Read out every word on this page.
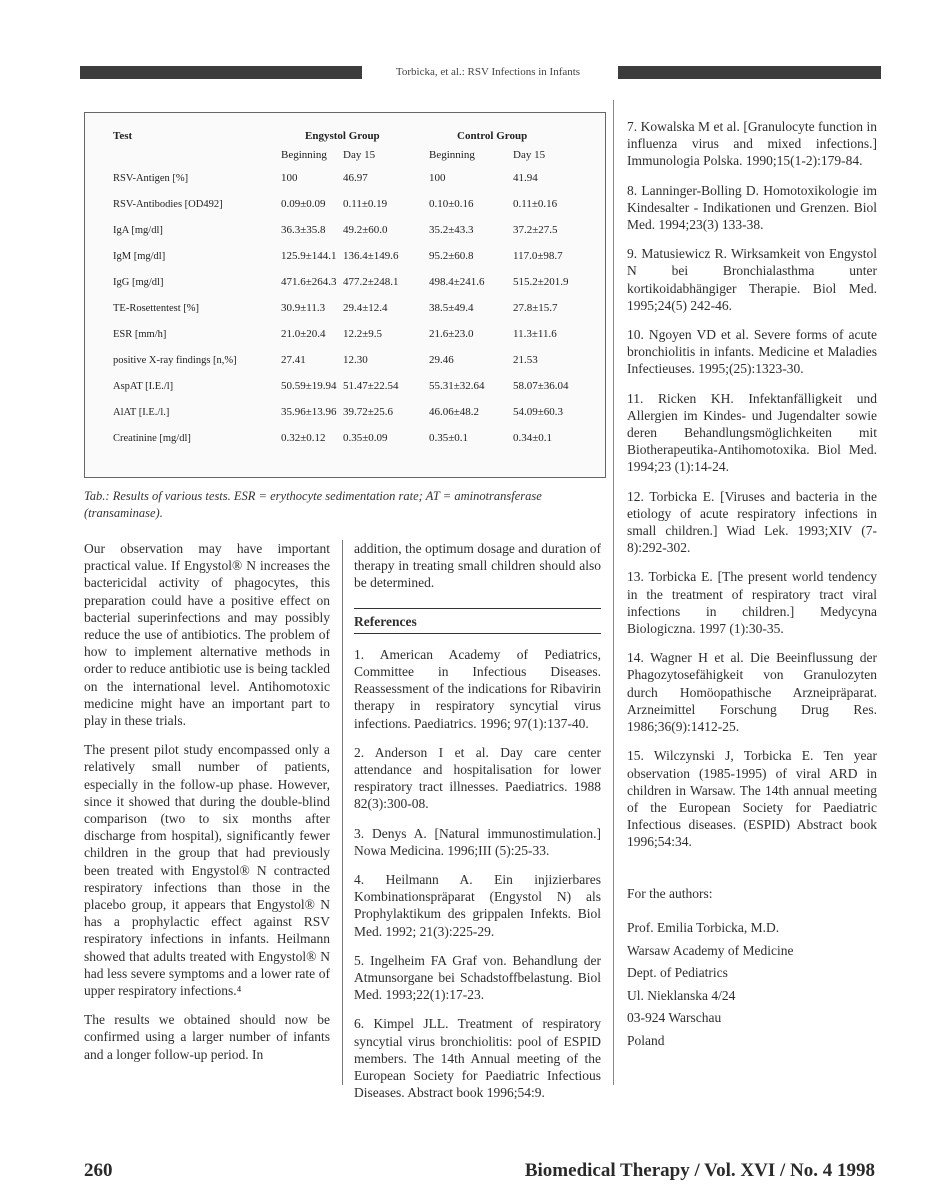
Torbicka, et al.: RSV Infections in Infants
Test	Engystol Group		Control Group	
	Beginning	Day 15	Beginning	Day 15
RSV-Antigen [%]	100	46.97	100	41.94
RSV-Antibodies [OD492]	0.09±0.09	0.11±0.19	0.10±0.16	0.11±0.16
IgA [mg/dl]	36.3±35.8	49.2±60.0	35.2±43.3	37.2±27.5
IgM [mg/dl]	125.9±144.1	136.4±149.6	95.2±60.8	117.0±98.7
IgG [mg/dl]	471.6±264.3	477.2±248.1	498.4±241.6	515.2±201.9
TE-Rosettentest [%]	30.9±11.3	29.4±12.4	38.5±49.4	27.8±15.7
ESR [mm/h]	21.0±20.4	12.2±9.5	21.6±23.0	11.3±11.6
positive X-ray findings [n,%]	27.41	12.30	29.46	21.53
AspAT [I.E./l]	50.59±19.94	51.47±22.54	55.31±32.64	58.07±36.04
AlAT [I.E./l.]	35.96±13.96	39.72±25.6	46.06±48.2	54.09±60.3
Creatinine [mg/dl]	0.32±0.12	0.35±0.09	0.35±0.1	0.34±0.1
Tab.: Results of various tests. ESR = erythocyte sedimentation rate; AT = aminotransferase (transaminase).

Our observation may have important practical value. If Engystol® N increases the bactericidal activity of phagocytes, this preparation could have a positive effect on bacterial superinfections and may possibly reduce the use of antibiotics. The problem of how to implement alternative methods in order to reduce antibiotic use is being tackled on the international level. Antihomotoxic medicine might have an important part to play in these trials.

The present pilot study encompassed only a relatively small number of patients, especially in the follow-up phase. However, since it showed that during the double-blind comparison (two to six months after discharge from hospital), significantly fewer children in the group that had previously been treated with Engystol® N contracted respiratory infections than those in the placebo group, it appears that Engystol® N has a prophylactic effect against RSV respiratory infections in infants. Heilmann showed that adults treated with Engystol® N had less severe symptoms and a lower rate of upper respiratory infections.⁴

The results we obtained should now be confirmed using a larger number of infants and a longer follow-up period. In

addition, the optimum dosage and duration of therapy in treating small children should also be determined.

References

1. American Academy of Pediatrics, Committee in Infectious Diseases. Reassessment of the indications for Ribavirin therapy in respiratory syncytial virus infections. Paediatrics. 1996; 97(1):137-40.

2. Anderson I et al. Day care center attendance and hospitalisation for lower respiratory tract illnesses. Paediatrics. 1988 82(3):300-08.

3. Denys A. [Natural immunostimulation.] Nowa Medicina. 1996;III (5):25-33.

4. Heilmann A. Ein injizierbares Kombinationspräparat (Engystol N) als Prophylaktikum des grippalen Infekts. Biol Med. 1992; 21(3):225-29.

5. Ingelheim FA Graf von. Behandlung der Atmunsorgane bei Schadstoffbelastung. Biol Med. 1993;22(1):17-23.

6. Kimpel JLL. Treatment of respiratory syncytial virus bronchiolitis: pool of ESPID members. The 14th Annual meeting of the European Society for Paediatric Infectious Diseases. Abstract book 1996;54:9.

7. Kowalska M et al. [Granulocyte function in influenza virus and mixed infections.] Immunologia Polska. 1990;15(1-2):179-84.

8. Lanninger-Bolling D. Homotoxikologie im Kindesalter - Indikationen und Grenzen. Biol Med. 1994;23(3) 133-38.

9. Matusiewicz R. Wirksamkeit von Engystol N bei Bronchialasthma unter kortikoidabhängiger Therapie. Biol Med. 1995;24(5) 242-46.

10. Ngoyen VD et al. Severe forms of acute bronchiolitis in infants. Medicine et Maladies Infectieuses. 1995;(25):1323-30.

11. Ricken KH. Infektanfälligkeit und Allergien im Kindes- und Jugendalter sowie deren Behandlungsmöglichkeiten mit Biotherapeutika-Antihomotoxika. Biol Med. 1994;23 (1):14-24.

12. Torbicka E. [Viruses and bacteria in the etiology of acute respiratory infections in small children.] Wiad Lek. 1993;XIV (7-8):292-302.

13. Torbicka E. [The present world tendency in the treatment of respiratory tract viral infections in children.] Medycyna Biologiczna. 1997 (1):30-35.

14. Wagner H et al. Die Beeinflussung der Phagozytosefähigkeit von Granulozyten durch Homöopathische Arzneipräparat. Arzneimittel Forschung Drug Res. 1986;36(9):1412-25.

15. Wilczynski J, Torbicka E. Ten year observation (1985-1995) of viral ARD in children in Warsaw. The 14th annual meeting of the European Society for Paediatric Infectious diseases. (ESPID) Abstract book 1996;54:34.

For the authors:
Prof. Emilia Torbicka, M.D.
Warsaw Academy of Medicine
Dept. of Pediatrics
Ul. Nieklanska 4/24
03-924 Warschau
Poland
260	Biomedical Therapy / Vol. XVI / No. 4 1998
